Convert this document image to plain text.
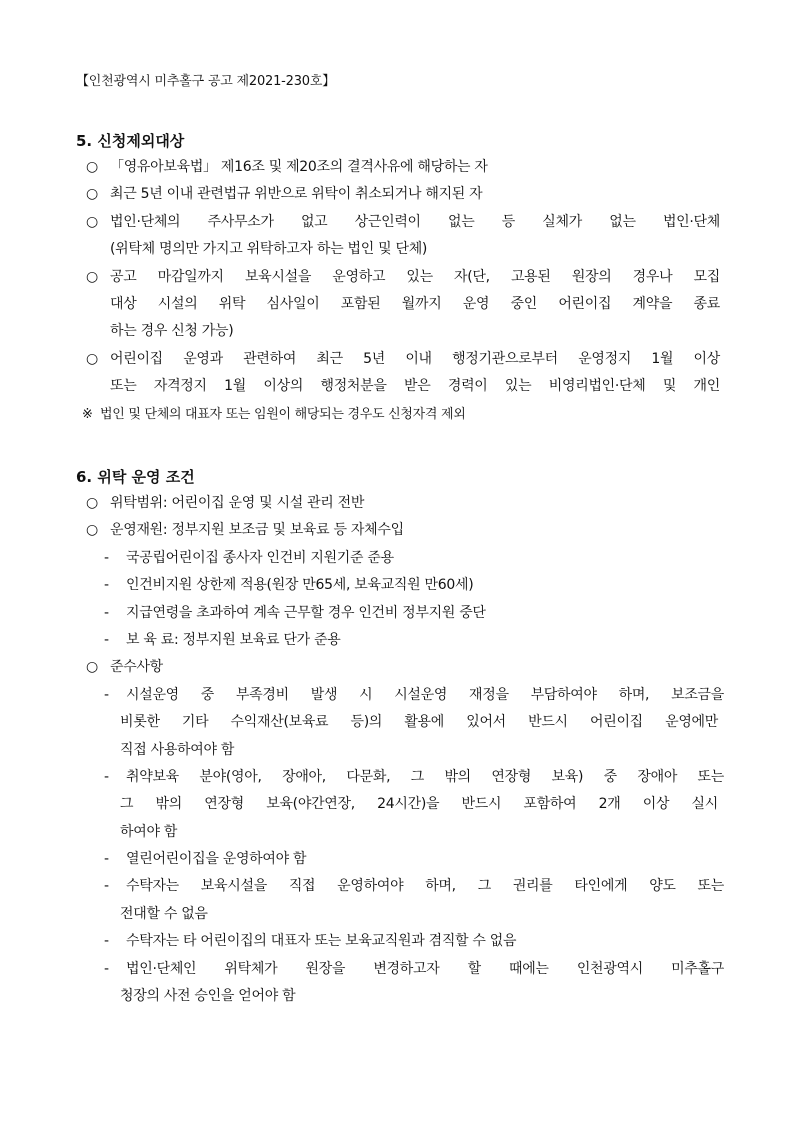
【인천광역시 미추홀구 공고 제2021-230호】
5. 신청제외대상
○ 「영유아보육법」 제16조 및 제20조의 결격사유에 해당하는 자
○ 최근 5년 이내 관련법규 위반으로 위탁이 취소되거나 해지된 자
○ 법인·단체의 주사무소가 없고 상근인력이 없는 등 실체가 없는 법인·단체
(위탁체 명의만 가지고 위탁하고자 하는 법인 및 단체)
○ 공고 마감일까지 보육시설을 운영하고 있는 자(단, 고용된 원장의 경우나 모집
대상 시설의 위탁 심사일이 포함된 월까지 운영 중인 어린이집 계약을 종료
하는 경우 신청 가능)
○ 어린이집 운영과 관련하여 최근 5년 이내 행정기관으로부터 운영정지 1월 이상
또는 자격정지 1월 이상의 행정처분을 받은 경력이 있는 비영리법인·단체 및 개인
※ 법인 및 단체의 대표자 또는 임원이 해당되는 경우도 신청자격 제외
6. 위탁 운영 조건
○ 위탁범위: 어린이집 운영 및 시설 관리 전반
○ 운영재원: 정부지원 보조금 및 보육료 등 자체수입
- 국공립어린이집 종사자 인건비 지원기준 준용
- 인건비지원 상한제 적용(원장 만65세, 보육교직원 만60세)
- 지급연령을 초과하여 계속 근무할 경우 인건비 정부지원 중단
- 보 육 료: 정부지원 보육료 단가 준용
○ 준수사항
- 시설운영 중 부족경비 발생 시 시설운영 재정을 부담하여야 하며, 보조금을
비롯한 기타 수익재산(보육료 등)의 활용에 있어서 반드시 어린이집 운영에만
직접 사용하여야 함
- 취약보육 분야(영아, 장애아, 다문화, 그 밖의 연장형 보육) 중 장애아 또는
그 밖의 연장형 보육(야간연장, 24시간)을 반드시 포함하여 2개 이상 실시
하여야 함
- 열린어린이집을 운영하여야 함
- 수탁자는 보육시설을 직접 운영하여야 하며, 그 권리를 타인에게 양도 또는
전대할 수 없음
- 수탁자는 타 어린이집의 대표자 또는 보육교직원과 겸직할 수 없음
- 법인·단체인 위탁체가 원장을 변경하고자 할 때에는 인천광역시 미추홀구
청장의 사전 승인을 얻어야 함
